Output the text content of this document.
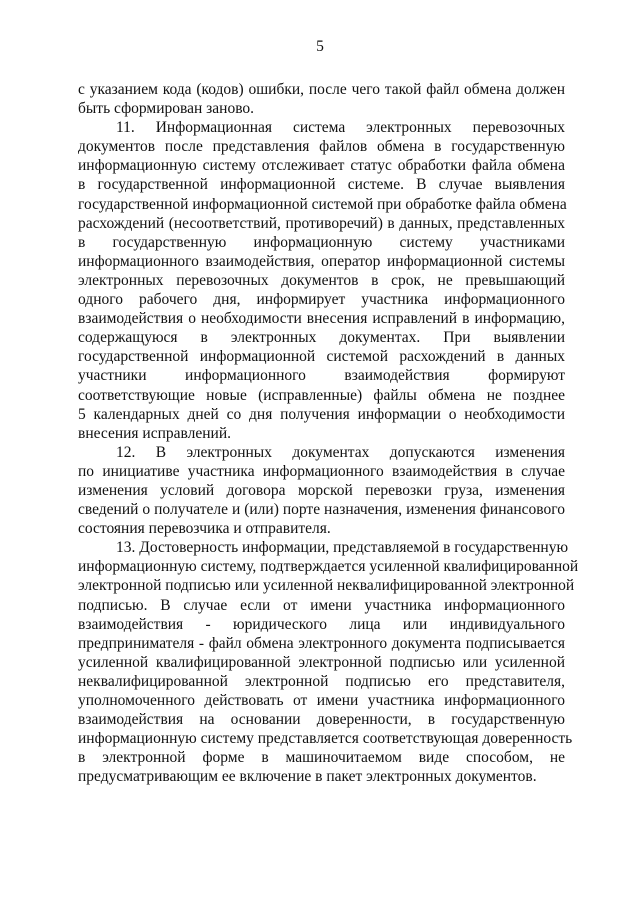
5
с указанием кода (кодов) ошибки, после чего такой файл обмена должен
быть сформирован заново.
11. Информационная система электронных перевозочных
документов после представления файлов обмена в государственную
информационную систему отслеживает статус обработки файла обмена
в государственной информационной системе. В случае выявления
государственной информационной системой при обработке файла обмена
расхождений (несоответствий, противоречий) в данных, представленных
в государственную информационную систему участниками
информационного взаимодействия, оператор информационной системы
электронных перевозочных документов в срок, не превышающий
одного рабочего дня, информирует участника информационного
взаимодействия о необходимости внесения исправлений в информацию,
содержащуюся в электронных документах. При выявлении
государственной информационной системой расхождений в данных
участники информационного взаимодействия формируют
соответствующие новые (исправленные) файлы обмена не позднее
5 календарных дней со дня получения информации о необходимости
внесения исправлений.
12. В электронных документах допускаются изменения
по инициативе участника информационного взаимодействия в случае
изменения условий договора морской перевозки груза, изменения
сведений о получателе и (или) порте назначения, изменения финансового
состояния перевозчика и отправителя.
13. Достоверность информации, представляемой в государственную
информационную систему, подтверждается усиленной квалифицированной
электронной подписью или усиленной неквалифицированной электронной
подписью. В случае если от имени участника информационного
взаимодействия - юридического лица или индивидуального
предпринимателя - файл обмена электронного документа подписывается
усиленной квалифицированной электронной подписью или усиленной
неквалифицированной электронной подписью его представителя,
уполномоченного действовать от имени участника информационного
взаимодействия на основании доверенности, в государственную
информационную систему представляется соответствующая доверенность
в электронной форме в машиночитаемом виде способом, не
предусматривающим ее включение в пакет электронных документов.
